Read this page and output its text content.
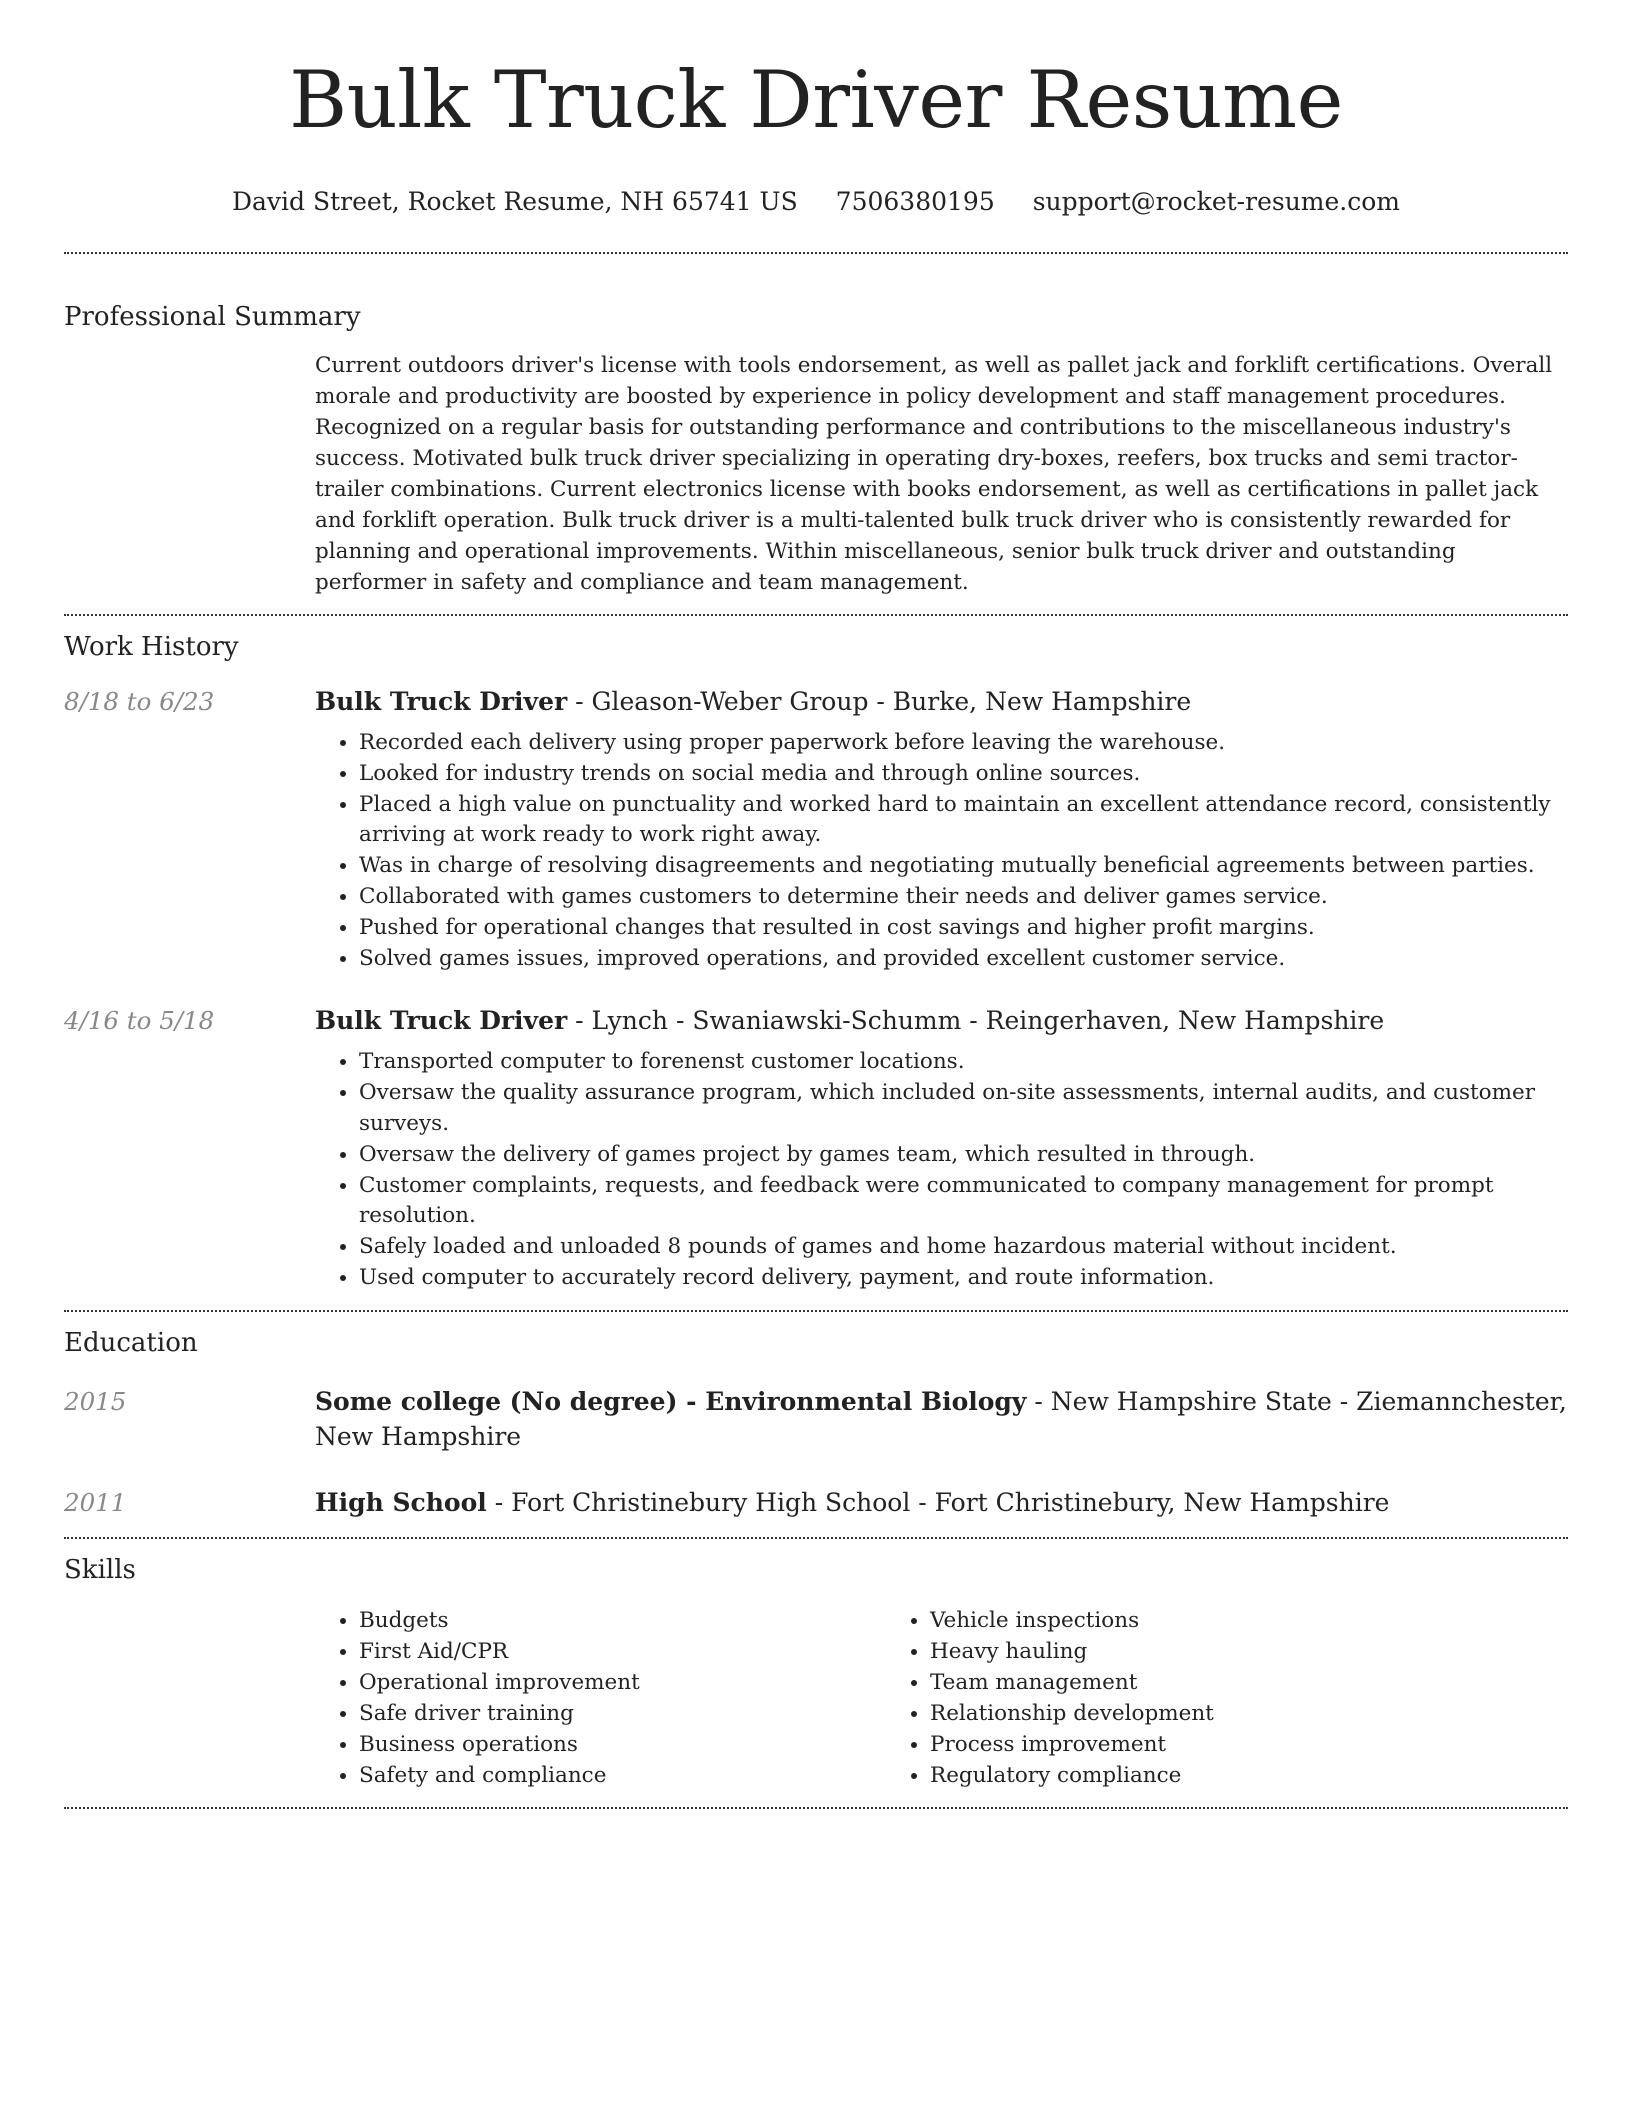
Bulk Truck Driver Resume
David Street, Rocket Resume, NH 65741 US 7506380195 support@rocket-resume.com
Professional Summary
Current outdoors driver's license with tools endorsement, as well as pallet jack and forklift certifications. Overall morale and productivity are boosted by experience in policy development and staff management procedures. Recognized on a regular basis for outstanding performance and contributions to the miscellaneous industry's success. Motivated bulk truck driver specializing in operating dry-boxes, reefers, box trucks and semi tractor-trailer combinations. Current electronics license with books endorsement, as well as certifications in pallet jack and forklift operation. Bulk truck driver is a multi-talented bulk truck driver who is consistently rewarded for planning and operational improvements. Within miscellaneous, senior bulk truck driver and outstanding performer in safety and compliance and team management.
Work History
8/18 to 6/23	Bulk Truck Driver - Gleason-Weber Group - Burke, New Hampshire
• Recorded each delivery using proper paperwork before leaving the warehouse.
• Looked for industry trends on social media and through online sources.
• Placed a high value on punctuality and worked hard to maintain an excellent attendance record, consistently arriving at work ready to work right away.
• Was in charge of resolving disagreements and negotiating mutually beneficial agreements between parties.
• Collaborated with games customers to determine their needs and deliver games service.
• Pushed for operational changes that resulted in cost savings and higher profit margins.
• Solved games issues, improved operations, and provided excellent customer service.
4/16 to 5/18	Bulk Truck Driver - Lynch - Swaniawski-Schumm - Reingerhaven, New Hampshire
• Transported computer to forenenst customer locations.
• Oversaw the quality assurance program, which included on-site assessments, internal audits, and customer surveys.
• Oversaw the delivery of games project by games team, which resulted in through.
• Customer complaints, requests, and feedback were communicated to company management for prompt resolution.
• Safely loaded and unloaded 8 pounds of games and home hazardous material without incident.
• Used computer to accurately record delivery, payment, and route information.
Education
2015	Some college (No degree) - Environmental Biology - New Hampshire State - Ziemannchester, New Hampshire
2011	High School - Fort Christinebury High School - Fort Christinebury, New Hampshire
Skills
• Budgets
• First Aid/CPR
• Operational improvement
• Safe driver training
• Business operations
• Safety and compliance
• Vehicle inspections
• Heavy hauling
• Team management
• Relationship development
• Process improvement
• Regulatory compliance
